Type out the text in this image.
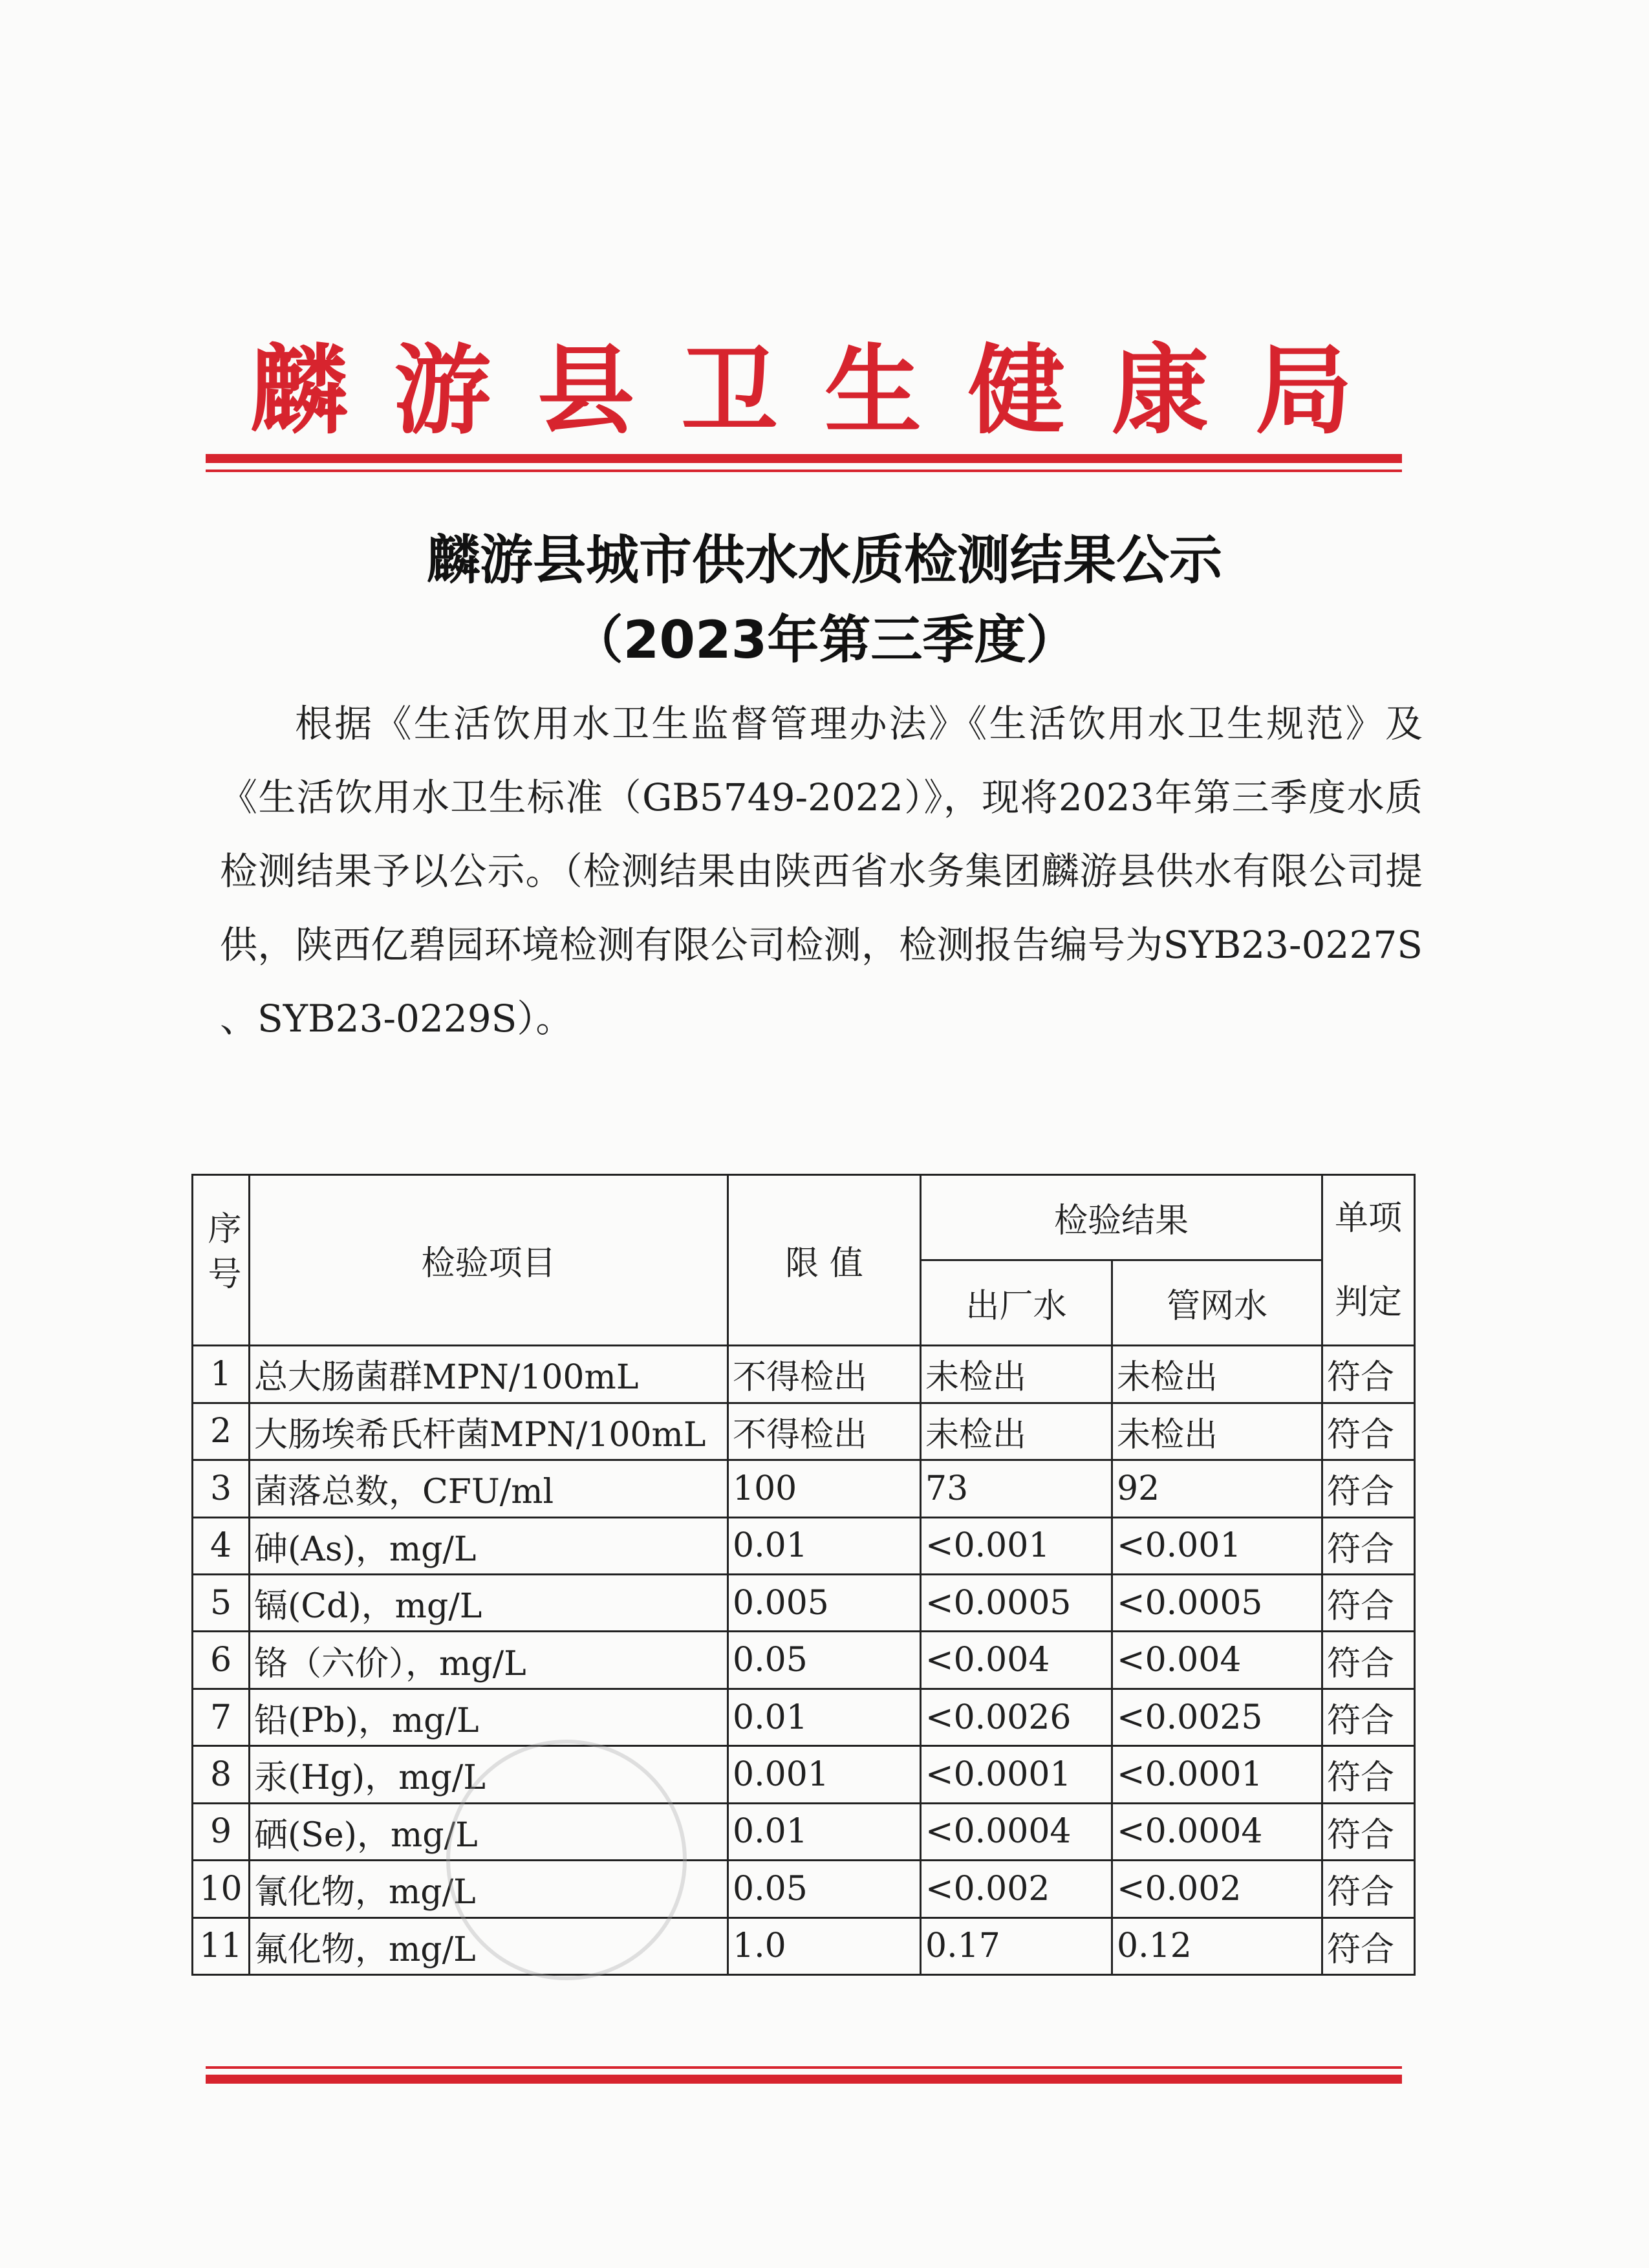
麟游县卫生健康局
麟游县城市供水水质检测结果公示
（2023年第三季度）
根据《生活饮用水卫生监督管理办法》《生活饮用水卫生规范》及《生活饮用水卫生标准（GB5749-2022）》，现将2023年第三季度水质检测结果予以公示。（检测结果由陕西省水务集团麟游县供水有限公司提供，陕西亿碧园环境检测有限公司检测，检测报告编号为SYB23-0227S 、SYB23-0229S）。
序号	检验项目	限 值	检验结果		单项判定
			出厂水	管网水	
1	总大肠菌群MPN/100mL	不得检出	未检出	未检出	符合
2	大肠埃希氏杆菌MPN/100mL	不得检出	未检出	未检出	符合
3	菌落总数，CFU/ml	100	73	92	符合
4	砷(As)，mg/L	0.01	<0.001	<0.001	符合
5	镉(Cd)，mg/L	0.005	<0.0005	<0.0005	符合
6	铬（六价），mg/L	0.05	<0.004	<0.004	符合
7	铅(Pb)，mg/L	0.01	<0.0026	<0.0025	符合
8	汞(Hg)，mg/L	0.001	<0.0001	<0.0001	符合
9	硒(Se)，mg/L	0.01	<0.0004	<0.0004	符合
10	氰化物，mg/L	0.05	<0.002	<0.002	符合
11	氟化物，mg/L	1.0	0.17	0.12	符合
